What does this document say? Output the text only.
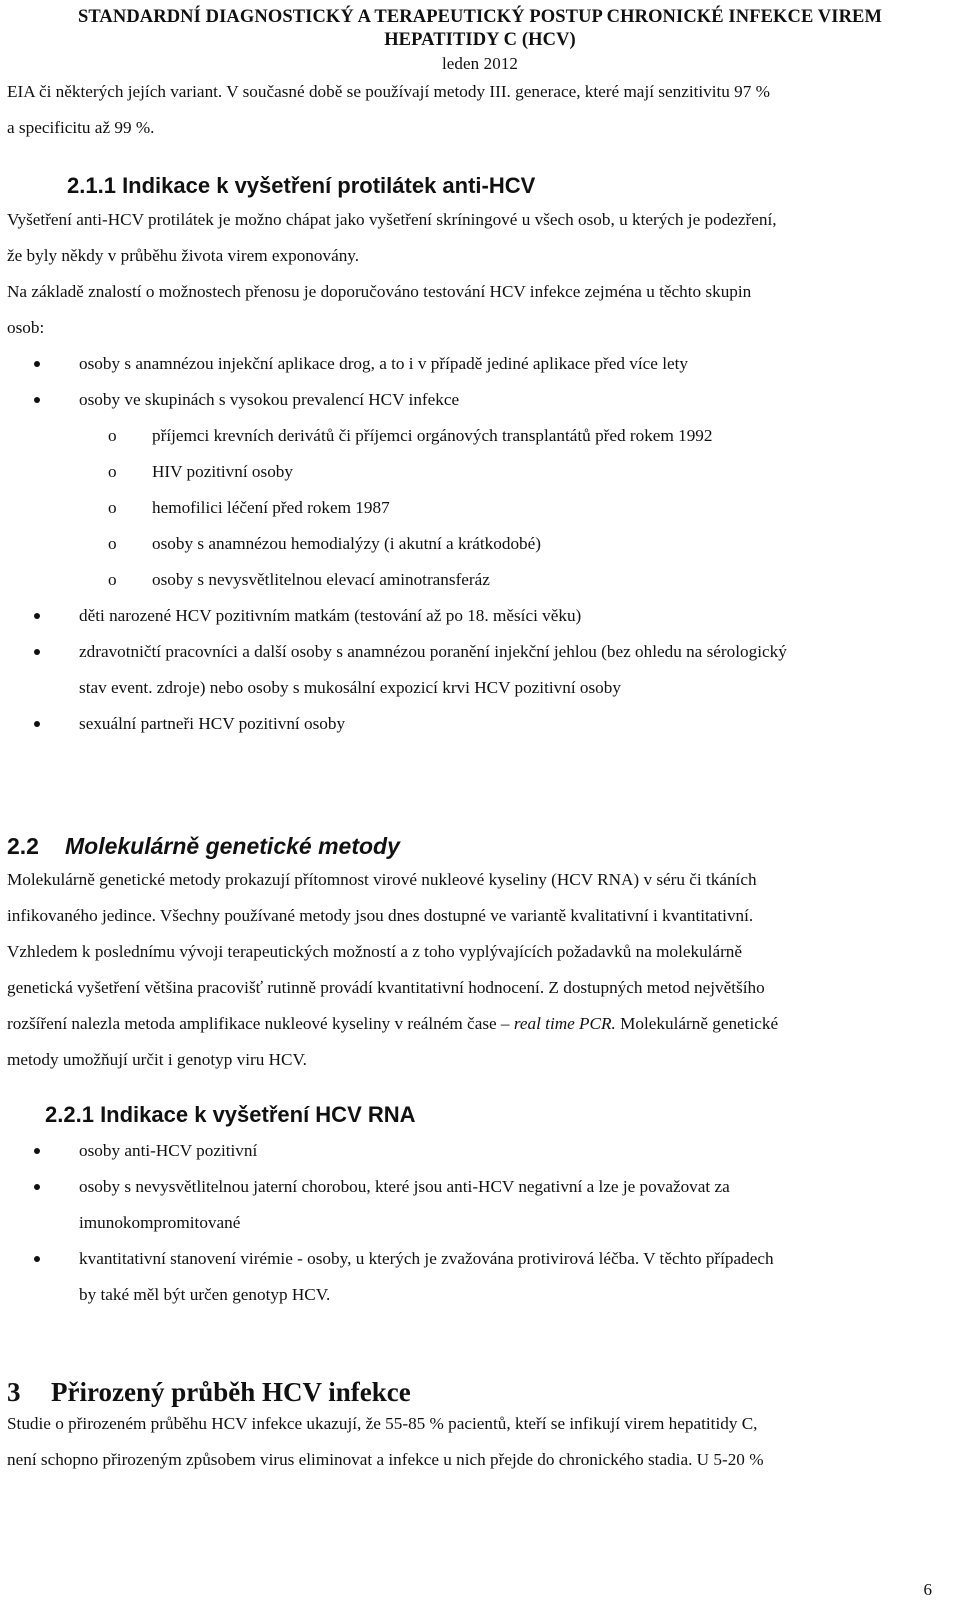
STANDARDNÍ DIAGNOSTICKÝ A TERAPEUTICKÝ POSTUP CHRONICKÉ INFEKCE VIREM
HEPATITIDY C (HCV)
leden 2012

EIA či některých jejích variant. V současné době se používají metody III. generace, které mají senzitivitu 97 %

a specificitu až 99 %.

2.1.1 Indikace k vyšetření protilátek anti-HCV

Vyšetření anti-HCV protilátek je možno chápat jako vyšetření skríningové u všech osob, u kterých je podezření,

že byly někdy v průběhu života virem exponovány.

Na základě znalostí o možnostech přenosu je doporučováno testování HCV infekce zejména u těchto skupin

osob:

osoby s anamnézou injekční aplikace drog, a to i v případě jediné aplikace před více lety
osoby ve skupinách s vysokou prevalencí HCV infekce
o příjemci krevních derivátů či příjemci orgánových transplantátů před rokem 1992
o HIV pozitivní osoby
o hemofilici léčení před rokem 1987
o osoby s anamnézou hemodialýzy (i akutní a krátkodobé)
o osoby s nevysvětlitelnou elevací aminotransferáz
děti narozené HCV pozitivním matkám (testování až po 18. měsíci věku)
zdravotničtí pracovníci a další osoby s anamnézou poranění injekční jehlou (bez ohledu na sérologický
stav event. zdroje) nebo osoby s mukosální expozicí krvi HCV pozitivní osoby
sexuální partneři HCV pozitivní osoby
2.2 Molekulárně genetické metody

Molekulárně genetické metody prokazují přítomnost virové nukleové kyseliny (HCV RNA) v séru či tkáních

infikovaného jedince. Všechny používané metody jsou dnes dostupné ve variantě kvalitativní i kvantitativní.

Vzhledem k poslednímu vývoji terapeutických možností a z toho vyplývajících požadavků na molekulárně

genetická vyšetření většina pracovišť rutinně provádí kvantitativní hodnocení. Z dostupných metod největšího

rozšíření nalezla metoda amplifikace nukleové kyseliny v reálném čase – real time PCR. Molekulárně genetické

metody umožňují určit i genotyp viru HCV.

2.2.1 Indikace k vyšetření HCV RNA
osoby anti-HCV pozitivní
osoby s nevysvětlitelnou jaterní chorobou, které jsou anti-HCV negativní a lze je považovat za
imunokompromitované
kvantitativní stanovení virémie - osoby, u kterých je zvažována protivirová léčba. V těchto případech
by také měl být určen genotyp HCV.
3 Přirozený průběh HCV infekce

Studie o přirozeném průběhu HCV infekce ukazují, že 55-85 % pacientů, kteří se infikují virem hepatitidy C,

není schopno přirozeným způsobem virus eliminovat a infekce u nich přejde do chronického stadia. U 5-20 %

6
